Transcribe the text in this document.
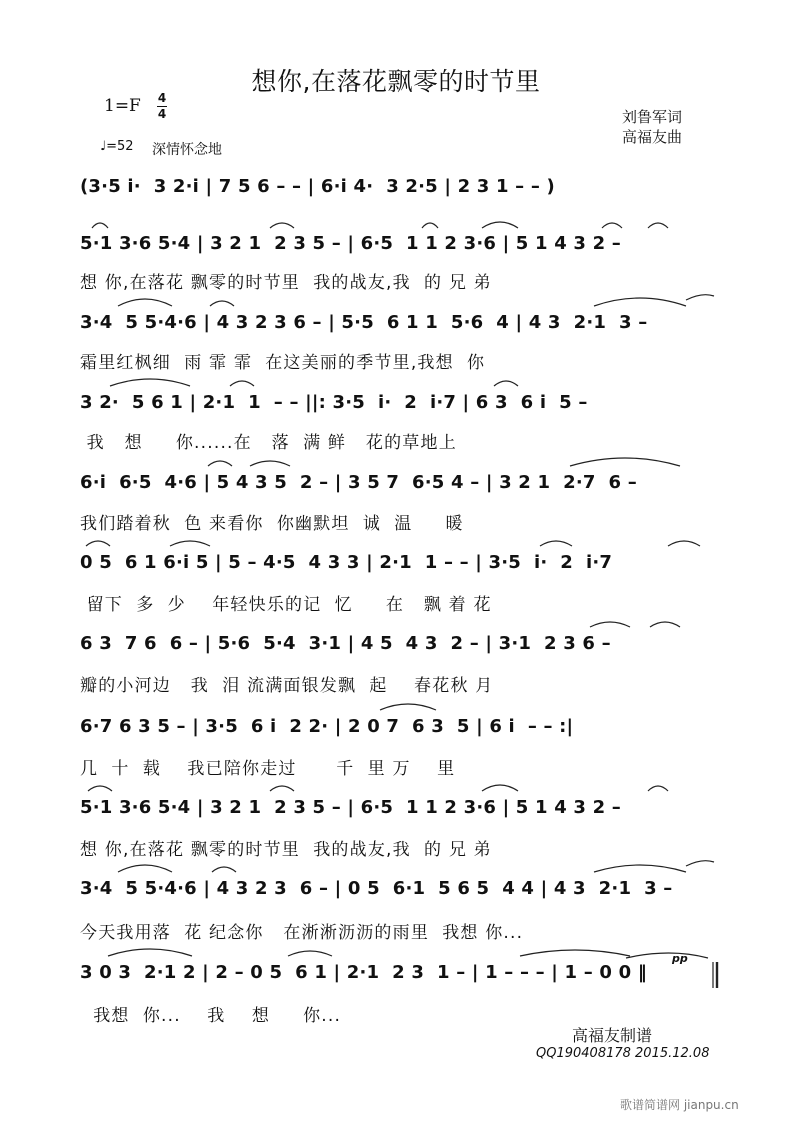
想你,在落花飘零的时节里
1=F 4
4	刘鲁军词
高福友曲
♩=52 深情怀念地
(3·5 i·  3 2·i | 7 5 6 – – | 6·i 4·  3 2·5 | 2 3 1 – – )
5·1 3·6 5·4 | 3 2 1  2 3 5 – | 6·5  1 1 2 3·6 | 5 1 4 3 2 –
想 你,在落花 飘零的时节里  我的战友,我  的 兄 弟
3·4  5 5·4·6 | 4 3 2 3 6 – | 5·5  6 1 1  5·6  4 | 4 3  2·1  3 –
霜里红枫细  雨 霏 霏  在这美丽的季节里,我想  你
3 2·  5 6 1 | 2·1  1  – – ||: 3·5  i·  2  i·7 | 6 3  6 i  5 –
我   想     你......在   落  满 鲜   花的草地上
6·i  6·5  4·6 | 5 4 3 5  2 – | 3 5 7  6·5 4 – | 3 2 1  2·7  6 –
我们踏着秋  色 来看你  你幽默坦  诚  温     暖
0 5  6 1 6·i 5 | 5 – 4·5  4 3 3 | 2·1  1 – – | 3·5  i·  2  i·7
留下  多  少    年轻快乐的记  忆     在   飘 着 花
6 3  7 6  6 – | 5·6  5·4  3·1 | 4 5  4 3  2 – | 3·1  2 3 6 –
瓣的小河边   我  泪 流满面银发飘  起    春花秋 月
6·7 6 3 5 – | 3·5  6 i  2 2· | 2 0 7  6 3  5 | 6 i  – – :|
几  十  载    我已陪你走过      千  里 万    里
5·1 3·6 5·4 | 3 2 1  2 3 5 – | 6·5  1 1 2 3·6 | 5 1 4 3 2 –
想 你,在落花 飘零的时节里  我的战友,我  的 兄 弟
3·4  5 5·4·6 | 4 3 2 3  6 – | 0 5  6·1  5 6 5  4 4 | 4 3  2·1  3 –
今天我用落  花 纪念你   在淅淅沥沥的雨里  我想 你...
3 0 3  2·1 2 | 2 – 0 5  6 1 | 2·1  2 3  1 – | 1 – – – | 1 – 0 0 ‖
我想  你...    我    想     你...
pp
高福友制谱
QQ190408178 2015.12.08
歌谱简谱网 jianpu.cn
